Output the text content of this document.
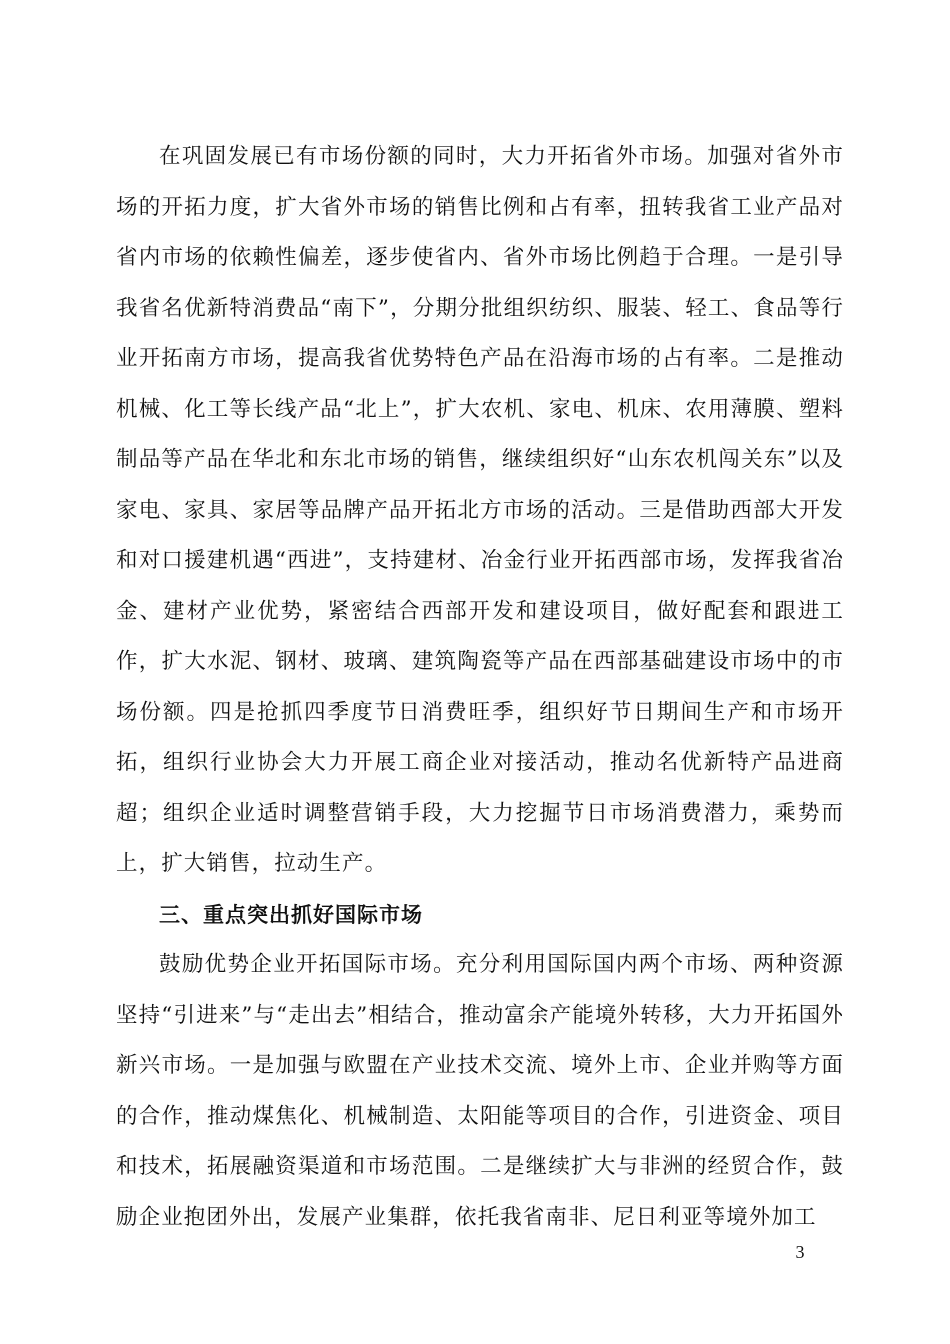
在巩固发展已有市场份额的同时，大力开拓省外市场。加强对省外市场的开拓力度，扩大省外市场的销售比例和占有率，扭转我省工业产品对省内市场的依赖性偏差，逐步使省内、省外市场比例趋于合理。一是引导我省名优新特消费品“南下”，分期分批组织纺织、服装、轻工、食品等行业开拓南方市场，提高我省优势特色产品在沿海市场的占有率。二是推动机械、化工等长线产品“北上”，扩大农机、家电、机床、农用薄膜、塑料制品等产品在华北和东北市场的销售，继续组织好“山东农机闯关东”以及家电、家具、家居等品牌产品开拓北方市场的活动。三是借助西部大开发和对口援建机遇“西进”，支持建材、冶金行业开拓西部市场，发挥我省冶金、建材产业优势，紧密结合西部开发和建设项目，做好配套和跟进工作，扩大水泥、钢材、玻璃、建筑陶瓷等产品在西部基础建设市场中的市场份额。四是抢抓四季度节日消费旺季，组织好节日期间生产和市场开拓，组织行业协会大力开展工商企业对接活动，推动名优新特产品进商超；组织企业适时调整营销手段，大力挖掘节日市场消费潜力，乘势而上，扩大销售，拉动生产。

三、重点突出抓好国际市场

鼓励优势企业开拓国际市场。充分利用国际国内两个市场、两种资源坚持“引进来”与“走出去”相结合，推动富余产能境外转移，大力开拓国外新兴市场。一是加强与欧盟在产业技术交流、境外上市、企业并购等方面的合作，推动煤焦化、机械制造、太阳能等项目的合作，引进资金、项目和技术，拓展融资渠道和市场范围。二是继续扩大与非洲的经贸合作，鼓励企业抱团外出，发展产业集群，依托我省南非、尼日利亚等境外加工

3
